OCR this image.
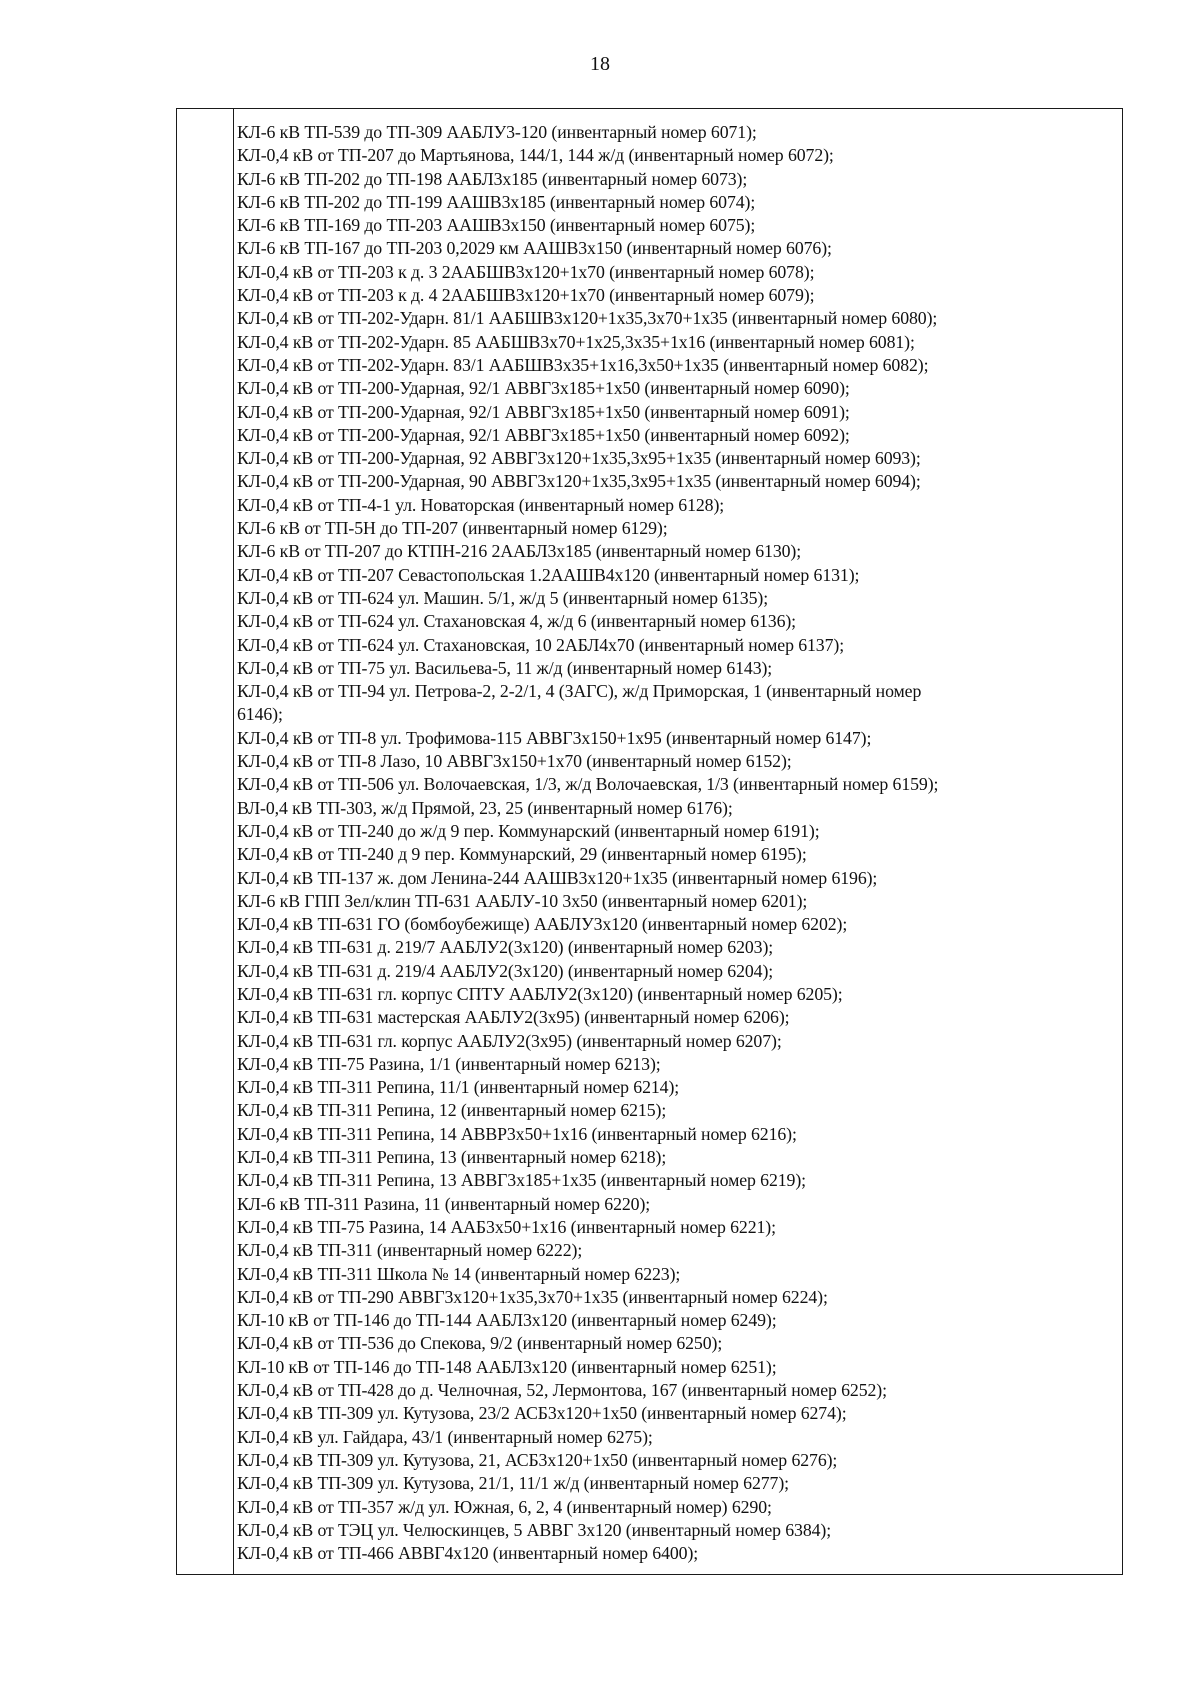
18
КЛ-6 кВ ТП-539 до ТП-309 ААБЛУ3-120 (инвентарный номер 6071);
КЛ-0,4 кВ от ТП-207 до Мартьянова, 144/1, 144 ж/д (инвентарный номер 6072);
КЛ-6 кВ ТП-202 до ТП-198 ААБЛ3х185 (инвентарный номер 6073);
КЛ-6 кВ ТП-202 до ТП-199 ААШВ3х185 (инвентарный номер 6074);
КЛ-6 кВ ТП-169 до ТП-203 ААШВ3х150 (инвентарный номер 6075);
КЛ-6 кВ ТП-167 до ТП-203 0,2029 км ААШВ3х150 (инвентарный номер 6076);
КЛ-0,4 кВ от ТП-203 к д. 3 2ААБШВ3х120+1х70 (инвентарный номер 6078);
КЛ-0,4 кВ от ТП-203 к д. 4 2ААБШВ3х120+1х70 (инвентарный номер 6079);
КЛ-0,4 кВ от ТП-202-Ударн. 81/1 ААБШВ3х120+1х35,3х70+1х35 (инвентарный номер 6080);
КЛ-0,4 кВ от ТП-202-Ударн. 85 ААБШВ3х70+1х25,3х35+1х16 (инвентарный номер 6081);
КЛ-0,4 кВ от ТП-202-Ударн. 83/1 ААБШВ3х35+1х16,3х50+1х35 (инвентарный номер 6082);
КЛ-0,4 кВ от ТП-200-Ударная, 92/1 АВВГ3х185+1х50 (инвентарный номер 6090);
КЛ-0,4 кВ от ТП-200-Ударная, 92/1 АВВГ3х185+1х50 (инвентарный номер 6091);
КЛ-0,4 кВ от ТП-200-Ударная, 92/1 АВВГ3х185+1х50 (инвентарный номер 6092);
КЛ-0,4 кВ от ТП-200-Ударная, 92 АВВГ3х120+1х35,3х95+1х35 (инвентарный номер 6093);
КЛ-0,4 кВ от ТП-200-Ударная, 90 АВВГ3х120+1х35,3х95+1х35 (инвентарный номер 6094);
КЛ-0,4 кВ от ТП-4-1 ул. Новаторская (инвентарный номер 6128);
КЛ-6 кВ от ТП-5Н до ТП-207 (инвентарный номер 6129);
КЛ-6 кВ от ТП-207 до КТПН-216 2ААБЛ3х185 (инвентарный номер 6130);
КЛ-0,4 кВ от ТП-207 Севастопольская 1.2ААШВ4х120 (инвентарный номер 6131);
КЛ-0,4 кВ от ТП-624 ул. Машин. 5/1, ж/д 5 (инвентарный номер 6135);
КЛ-0,4 кВ от ТП-624 ул. Стахановская 4, ж/д 6 (инвентарный номер 6136);
КЛ-0,4 кВ от ТП-624 ул. Стахановская, 10 2АБЛ4х70 (инвентарный номер 6137);
КЛ-0,4 кВ от ТП-75 ул. Васильева-5, 11 ж/д (инвентарный номер 6143);
КЛ-0,4 кВ от ТП-94 ул. Петрова-2, 2-2/1, 4 (ЗАГС), ж/д Приморская, 1 (инвентарный номер
6146);
КЛ-0,4 кВ от ТП-8 ул. Трофимова-115 АВВГ3х150+1х95 (инвентарный номер 6147);
КЛ-0,4 кВ от ТП-8 Лазо, 10 АВВГ3х150+1х70 (инвентарный номер 6152);
КЛ-0,4 кВ от ТП-506 ул. Волочаевская, 1/3, ж/д Волочаевская, 1/3 (инвентарный номер 6159);
ВЛ-0,4 кВ ТП-303, ж/д Прямой, 23, 25 (инвентарный номер 6176);
КЛ-0,4 кВ от ТП-240 до ж/д 9 пер. Коммунарский (инвентарный номер 6191);
КЛ-0,4 кВ от ТП-240 д 9 пер. Коммунарский, 29 (инвентарный номер 6195);
КЛ-0,4 кВ ТП-137 ж. дом Ленина-244 ААШВ3х120+1х35 (инвентарный номер 6196);
КЛ-6 кВ ГПП Зел/клин ТП-631 ААБЛУ-10 3х50 (инвентарный номер 6201);
КЛ-0,4 кВ ТП-631 ГО (бомбоубежище) ААБЛУ3х120 (инвентарный номер 6202);
КЛ-0,4 кВ ТП-631 д. 219/7 ААБЛУ2(3х120) (инвентарный номер 6203);
КЛ-0,4 кВ ТП-631 д. 219/4 ААБЛУ2(3х120) (инвентарный номер 6204);
КЛ-0,4 кВ ТП-631 гл. корпус СПТУ ААБЛУ2(3х120) (инвентарный номер 6205);
КЛ-0,4 кВ ТП-631 мастерская ААБЛУ2(3х95) (инвентарный номер 6206);
КЛ-0,4 кВ ТП-631 гл. корпус ААБЛУ2(3х95) (инвентарный номер 6207);
КЛ-0,4 кВ ТП-75 Разина, 1/1 (инвентарный номер 6213);
КЛ-0,4 кВ ТП-311 Репина, 11/1 (инвентарный номер 6214);
КЛ-0,4 кВ ТП-311 Репина, 12 (инвентарный номер 6215);
КЛ-0,4 кВ ТП-311 Репина, 14 АВВР3х50+1х16 (инвентарный номер 6216);
КЛ-0,4 кВ ТП-311 Репина, 13 (инвентарный номер 6218);
КЛ-0,4 кВ ТП-311 Репина, 13 АВВГ3х185+1х35 (инвентарный номер 6219);
КЛ-6 кВ ТП-311 Разина, 11 (инвентарный номер 6220);
КЛ-0,4 кВ ТП-75 Разина, 14 ААБ3х50+1х16 (инвентарный номер 6221);
КЛ-0,4 кВ ТП-311 (инвентарный номер 6222);
КЛ-0,4 кВ ТП-311 Школа № 14 (инвентарный номер 6223);
КЛ-0,4 кВ от ТП-290 АВВГ3х120+1х35,3х70+1х35 (инвентарный номер 6224);
КЛ-10 кВ от ТП-146 до ТП-144 ААБЛ3х120 (инвентарный номер 6249);
КЛ-0,4 кВ от ТП-536 до Спекова, 9/2 (инвентарный номер 6250);
КЛ-10 кВ от ТП-146 до ТП-148 ААБЛ3х120 (инвентарный номер 6251);
КЛ-0,4 кВ от ТП-428 до д. Челночная, 52, Лермонтова, 167 (инвентарный номер 6252);
КЛ-0,4 кВ ТП-309 ул. Кутузова, 23/2 АСБ3х120+1х50 (инвентарный номер 6274);
КЛ-0,4 кВ ул. Гайдара, 43/1 (инвентарный номер 6275);
КЛ-0,4 кВ ТП-309 ул. Кутузова, 21, АСБ3х120+1х50 (инвентарный номер 6276);
КЛ-0,4 кВ ТП-309 ул. Кутузова, 21/1, 11/1 ж/д (инвентарный номер 6277);
КЛ-0,4 кВ от ТП-357 ж/д ул. Южная, 6, 2, 4 (инвентарный номер) 6290;
КЛ-0,4 кВ от ТЭЦ ул. Челюскинцев, 5 АВВГ 3х120 (инвентарный номер 6384);
КЛ-0,4 кВ от ТП-466 АВВГ4х120 (инвентарный номер 6400);
